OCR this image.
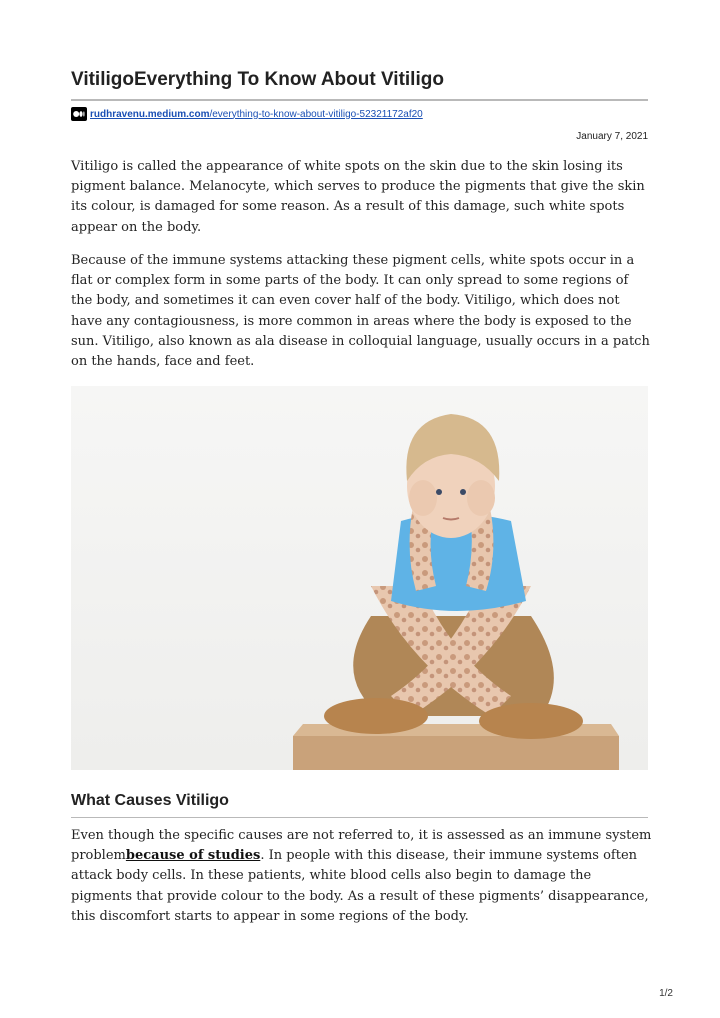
VitiligoEverything To Know About Vitiligo
rudhravenu.medium.com/everything-to-know-about-vitiligo-52321172af20
January 7, 2021

Vitiligo is called the appearance of white spots on the skin due to the skin losing its pigment balance. Melanocyte, which serves to produce the pigments that give the skin its colour, is damaged for some reason. As a result of this damage, such white spots appear on the body.

Because of the immune systems attacking these pigment cells, white spots occur in a flat or complex form in some parts of the body. It can only spread to some regions of the body, and sometimes it can even cover half of the body. Vitiligo, which does not have any contagiousness, is more common in areas where the body is exposed to the sun. Vitiligo, also known as ala disease in colloquial language, usually occurs in a patch on the hands, face and feet.

What Causes Vitiligo

Even though the specific causes are not referred to, it is assessed as an immune system problembecause of studies. In people with this disease, their immune systems often attack body cells. In these patients, white blood cells also begin to damage the pigments that provide colour to the body. As a result of these pigments’ disappearance, this discomfort starts to appear in some regions of the body.

1/2
